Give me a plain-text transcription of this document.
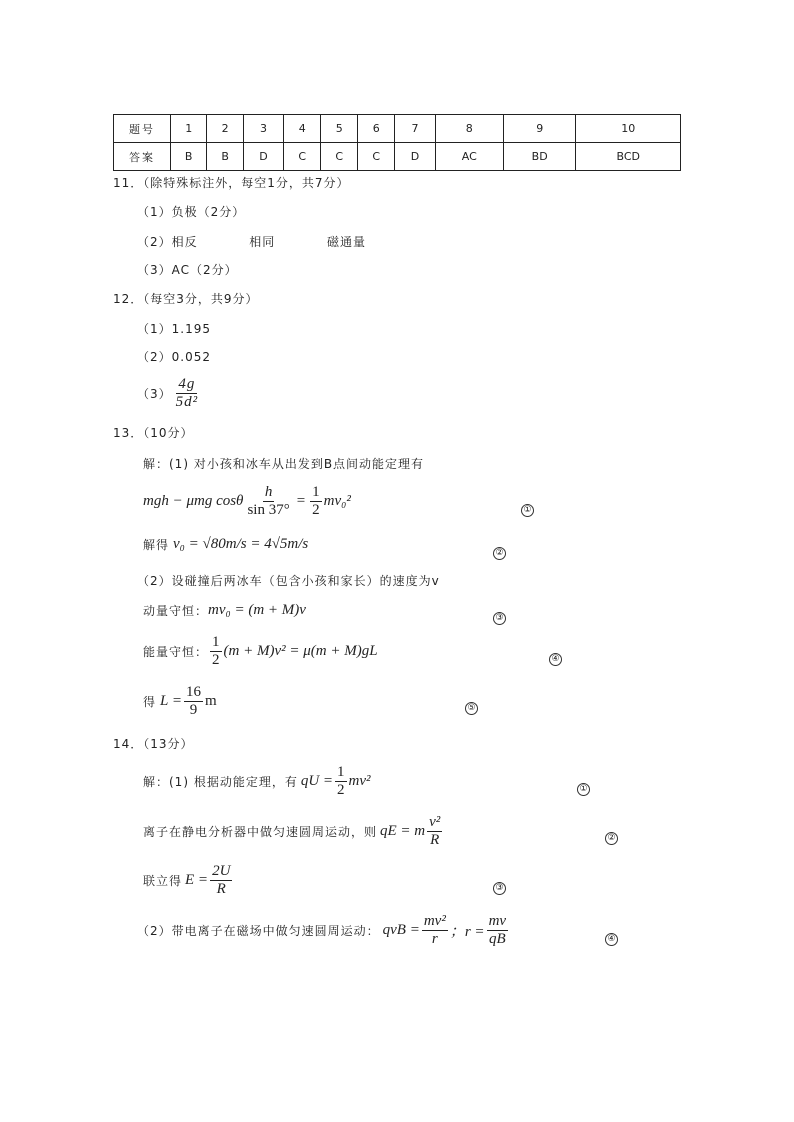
题号	1	2	3	4	5	6	7	8	9	10
答案	B	B	D	C	C	C	D	AC	BD	BCD
11．（除特殊标注外，每空1分，共7分）
（1）负极（2分）
（2）相反	相同	磁通量
（3）AC（2分）
12．（每空3分，共9分）
（1）1.195
（2）0.052
$(3) \frac{4g}{\text{5d²}}$
13．（10分）
解：(1) 对小孩和冰车从出发到B点间动能定理有
mgh − μmg cosθ $\frac{h}{\sin 37^\circ} = \frac{1}{2} mv_0^2$
①
解得 v₀ = √80m/s = 4√5m/s
②
（2）设碰撞后两冰车（包含小孩和家长）的速度为v
动量守恒： mv₀ = (m + M)v	③
能量守恒： $\frac{1}{2} (m + M)v^2 = \mu(m + M)gL$
④
得 $L = \frac{16}{9}$ m	⑤
14．（13分）
解：(1) 根据动能定理，有 qU = $\frac{1}{2} mv^2$
①
离子在静电分析器中做匀速圆周运动，则 qE = m $\frac{\text{v²}}{R}$	②
联立得 $E = \frac{2U}{R}$	③
（2）带电离子在磁场中做匀速圆周运动： qvB = $\frac{\text{mv²}}{r}$ ；$r = \frac{mv}{qB}$	④
